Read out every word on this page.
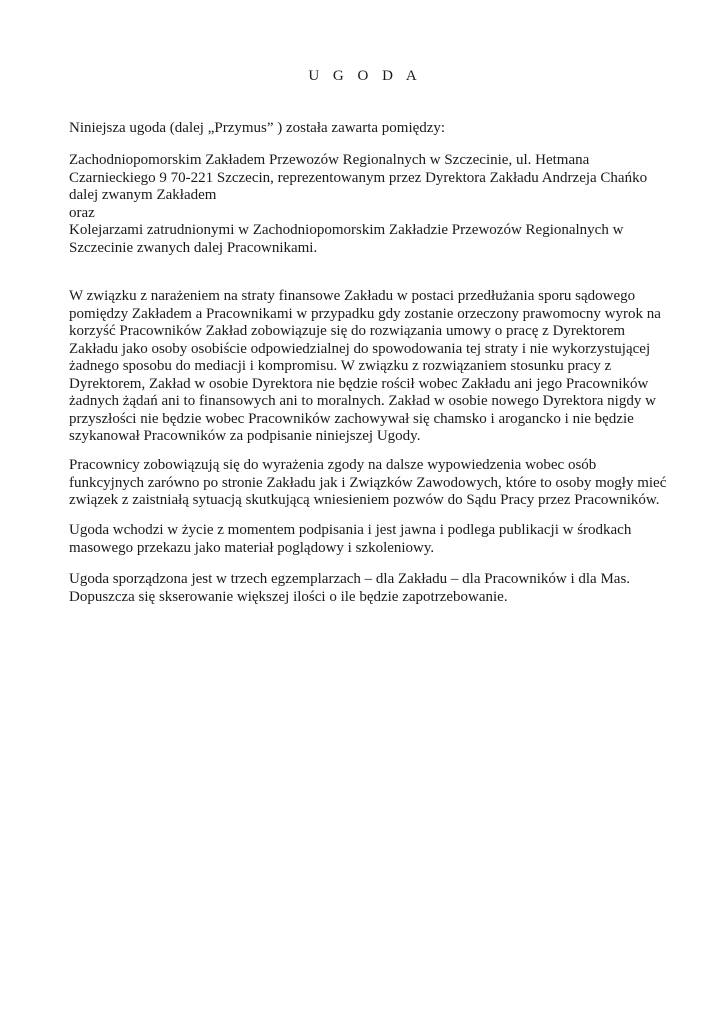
U G O D A

Niniejsza ugoda (dalej „Przymus” ) została zawarta pomiędzy:

Zachodniopomorskim Zakładem Przewozów Regionalnych w Szczecinie, ul. Hetmana
Czarnieckiego 9 70-221 Szczecin, reprezentowanym przez Dyrektora Zakładu Andrzeja Chańko
dalej zwanym Zakładem
oraz
Kolejarzami zatrudnionymi w Zachodniopomorskim Zakładzie Przewozów Regionalnych w
Szczecinie zwanych dalej Pracownikami.

W związku z narażeniem na straty finansowe Zakładu w postaci przedłużania sporu sądowego
pomiędzy Zakładem a Pracownikami w przypadku gdy zostanie orzeczony prawomocny wyrok na
korzyść Pracowników Zakład zobowiązuje się do rozwiązania umowy o pracę z Dyrektorem
Zakładu jako osoby osobiście odpowiedzialnej do spowodowania tej straty i nie wykorzystującej
żadnego sposobu do mediacji i kompromisu. W związku z rozwiązaniem stosunku pracy z
Dyrektorem, Zakład w osobie Dyrektora nie będzie rościł wobec Zakładu ani jego Pracowników
żadnych żądań ani to finansowych ani to moralnych. Zakład w osobie nowego Dyrektora nigdy w
przyszłości nie będzie wobec Pracowników zachowywał się chamsko i arogancko i nie będzie
szykanował Pracowników za podpisanie niniejszej Ugody.

Pracownicy zobowiązują się do wyrażenia zgody na dalsze wypowiedzenia wobec osób
funkcyjnych zarówno po stronie Zakładu jak i Związków Zawodowych, które to osoby mogły mieć
związek z zaistniałą sytuacją skutkującą wniesieniem pozwów do Sądu Pracy przez Pracowników.

Ugoda wchodzi w życie z momentem podpisania i jest jawna i podlega publikacji w środkach
masowego przekazu jako materiał poglądowy i szkoleniowy.

Ugoda sporządzona jest w trzech egzemplarzach – dla Zakładu – dla Pracowników i dla Mas.
Dopuszcza się skserowanie większej ilości o ile będzie zapotrzebowanie.
